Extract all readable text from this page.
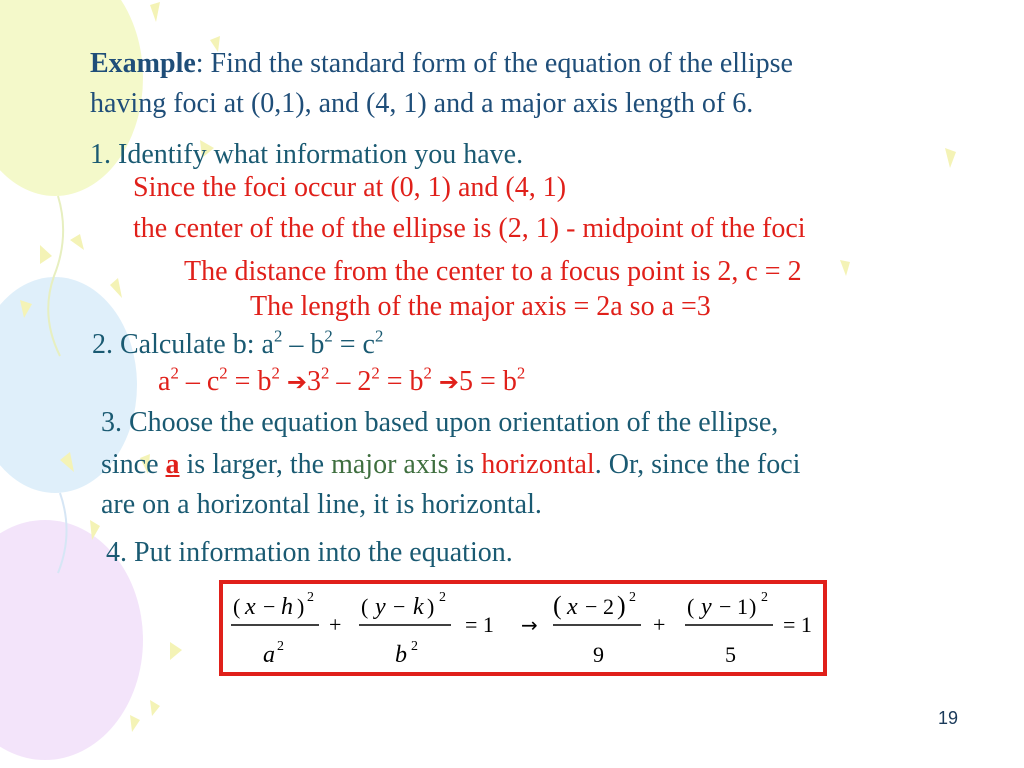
Example: Find the standard form of the equation of the ellipse
having foci at (0,1), and (4, 1) and a major axis length of 6.
1. Identify what information you have.
Since the foci occur at (0, 1) and (4, 1)
the center of the of the ellipse is (2, 1) - midpoint of the foci
The distance from the center to a focus point is 2, c = 2
The length of the major axis = 2a so a =3
2. Calculate b: $a^2 - b^2 = c^2$
$a^2 - c^2 = b^2$ $➔3^2 - 2^2 = b^2$ ➔5 = $b^2$
3. Choose the equation based upon orientation of the ellipse,
since a is larger, the major axis is horizontal. Or, since the foci
are on a horizontal line, it is horizontal.
4. Put information into the equation.
( x − h ) 2
a 2
+
( y − k ) 2
b 2
= 1 →
( x − 2 ) 2
9
+
( y − 1 ) 2
5
= 1
19
